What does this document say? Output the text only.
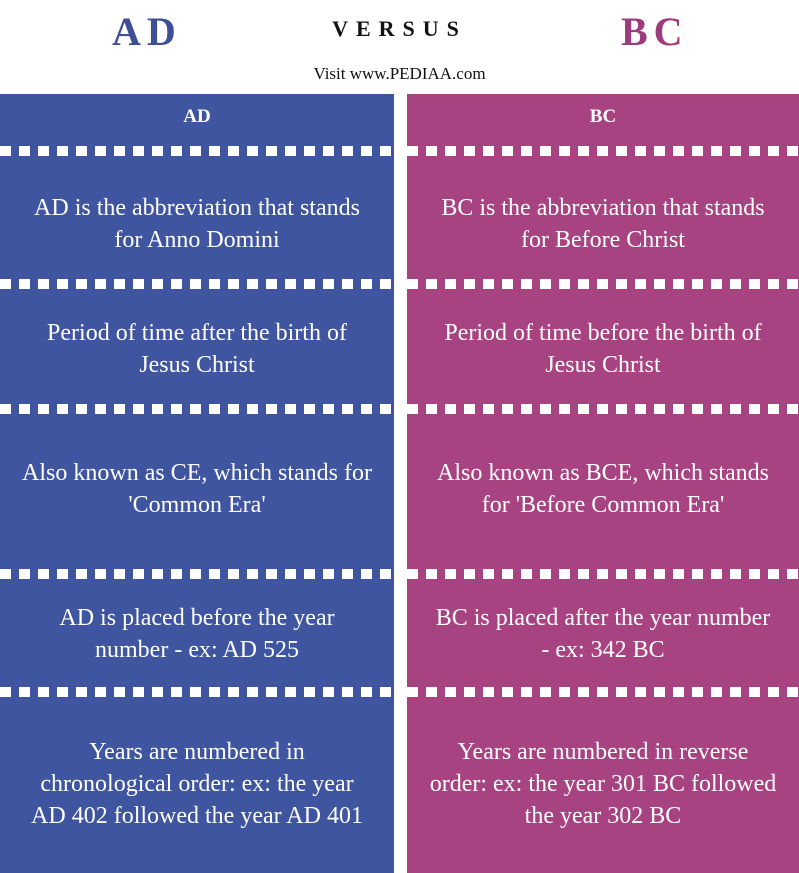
AD	VERSUS	BC
Visit www.PEDIAA.com
AD
AD is the abbreviation that stands for Anno Domini
Period of time after the birth of Jesus Christ
Also known as CE, which stands for 'Common Era'
AD is placed before the year number - ex: AD 525
Years are numbered in chronological order: ex: the year AD 402 followed the year AD 401
BC
BC is the abbreviation that stands for Before Christ
Period of time before the birth of Jesus Christ
Also known as BCE, which stands for 'Before Common Era'
BC is placed after the year number - ex: 342 BC
Years are numbered in reverse order: ex: the year 301 BC followed the year 302 BC
